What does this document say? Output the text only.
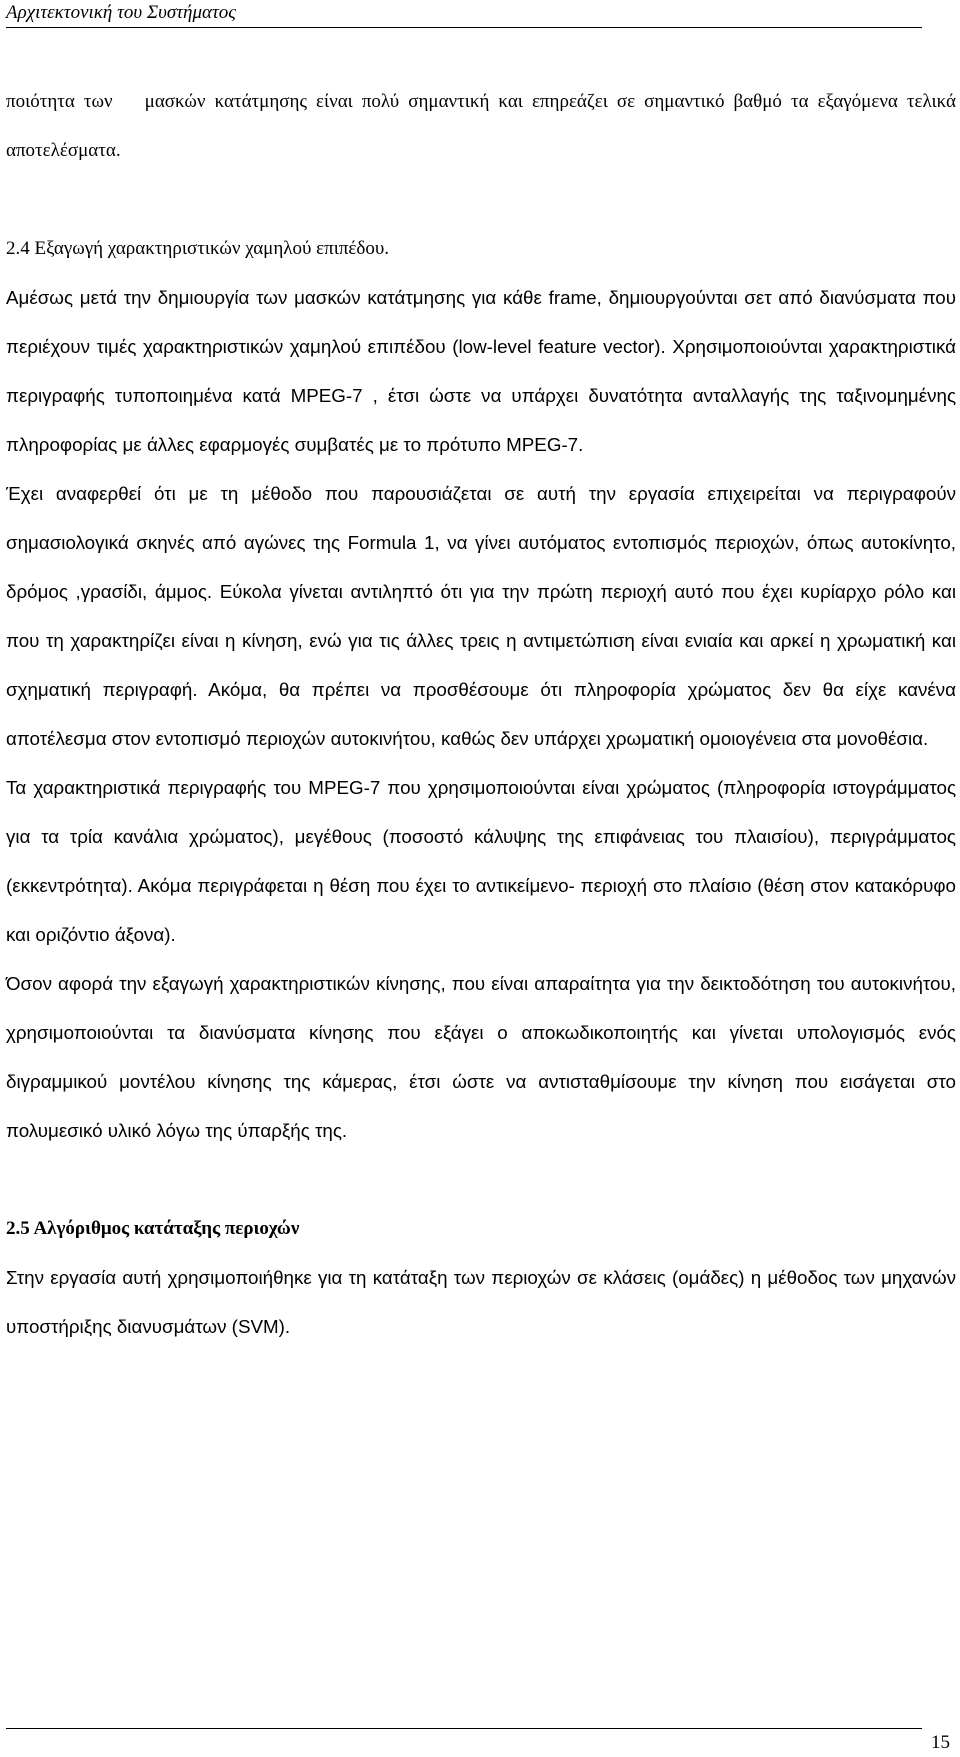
Αρχιτεκτονική του Συστήματος

ποιότητα των μασκών κατάτμησης είναι πολύ σημαντική και επηρεάζει σε σημαντικό βαθμό τα εξαγόμενα τελικά αποτελέσματα.

2.4 Εξαγωγή χαρακτηριστικών χαμηλού επιπέδου.

Αμέσως μετά την δημιουργία των μασκών κατάτμησης για κάθε frame, δημιουργούνται σετ από διανύσματα που περιέχουν τιμές χαρακτηριστικών χαμηλού επιπέδου (low-level feature vector). Χρησιμοποιούνται χαρακτηριστικά περιγραφής τυποποιημένα κατά MPEG-7 , έτσι ώστε να υπάρχει δυνατότητα ανταλλαγής της ταξινομημένης πληροφορίας με άλλες εφαρμογές συμβατές με το πρότυπο MPEG-7.

Έχει αναφερθεί ότι με τη μέθοδο που παρουσιάζεται σε αυτή την εργασία επιχειρείται να περιγραφούν σημασιολογικά σκηνές από αγώνες της Formula 1, να γίνει αυτόματος εντοπισμός περιοχών, όπως αυτοκίνητο, δρόμος ,γρασίδι, άμμος. Εύκολα γίνεται αντιληπτό ότι για την πρώτη περιοχή αυτό που έχει κυρίαρχο ρόλο και που τη χαρακτηρίζει είναι η κίνηση, ενώ για τις άλλες τρεις η αντιμετώπιση είναι ενιαία και αρκεί η χρωματική και σχηματική περιγραφή. Ακόμα, θα πρέπει να προσθέσουμε ότι πληροφορία χρώματος δεν θα είχε κανένα αποτέλεσμα στον εντοπισμό περιοχών αυτοκινήτου, καθώς δεν υπάρχει χρωματική ομοιογένεια στα μονοθέσια.

Τα χαρακτηριστικά περιγραφής του MPEG-7 που χρησιμοποιούνται είναι χρώματος (πληροφορία ιστογράμματος για τα τρία κανάλια χρώματος), μεγέθους (ποσοστό κάλυψης της επιφάνειας του πλαισίου), περιγράμματος (εκκεντρότητα). Ακόμα περιγράφεται η θέση που έχει το αντικείμενο- περιοχή στο πλαίσιο (θέση στον κατακόρυφο και οριζόντιο άξονα).

Όσον αφορά την εξαγωγή χαρακτηριστικών κίνησης, που είναι απαραίτητα για την δεικτοδότηση του αυτοκινήτου, χρησιμοποιούνται τα διανύσματα κίνησης που εξάγει ο αποκωδικοποιητής και γίνεται υπολογισμός ενός διγραμμικού μοντέλου κίνησης της κάμερας, έτσι ώστε να αντισταθμίσουμε την κίνηση που εισάγεται στο πολυμεσικό υλικό λόγω της ύπαρξής της.

2.5 Αλγόριθμος κατάταξης περιοχών

Στην εργασία αυτή χρησιμοποιήθηκε για τη κατάταξη των περιοχών σε κλάσεις (ομάδες) η μέθοδος των μηχανών υποστήριξης διανυσμάτων (SVM).

15
